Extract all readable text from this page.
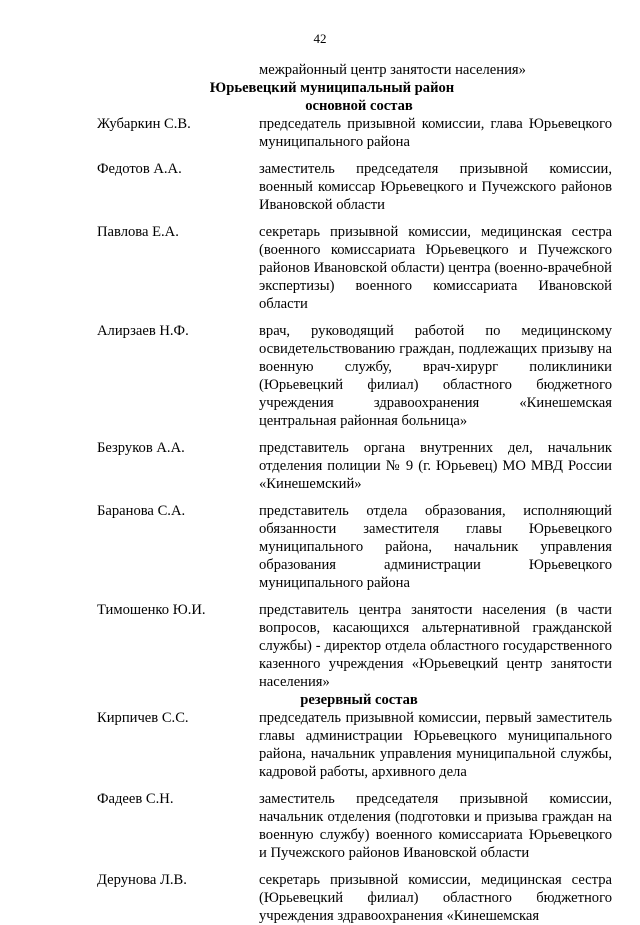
42
межрайонный центр занятости населения»
Юрьевецкий муниципальный район
основной состав
Жубаркин С.В.	председатель призывной комиссии, глава Юрьевецкого муниципального района
Федотов А.А.	заместитель председателя призывной комиссии, военный комиссар Юрьевецкого и Пучежского районов Ивановской области
Павлова Е.А.	секретарь призывной комиссии, медицинская сестра (военного комиссариата Юрьевецкого и Пучежского районов Ивановской области) центра (военно-врачебной экспертизы) военного комиссариата Ивановской области
Алирзаев Н.Ф.	врач, руководящий работой по медицинскому освидетельствованию граждан, подлежащих призыву на военную службу, врач-хирург поликлиники (Юрьевецкий филиал) областного бюджетного учреждения здравоохранения «Кинешемская центральная районная больница»
Безруков А.А.	представитель органа внутренних дел, начальник отделения полиции № 9 (г. Юрьевец) МО МВД России «Кинешемский»
Баранова С.А.	представитель отдела образования, исполняющий обязанности заместителя главы Юрьевецкого муниципального района, начальник управления образования администрации Юрьевецкого муниципального района
Тимошенко Ю.И.	представитель центра занятости населения (в части вопросов, касающихся альтернативной гражданской службы) - директор отдела областного государственного казенного учреждения «Юрьевецкий центр занятости населения»
резервный состав
Кирпичев С.С.	председатель призывной комиссии, первый заместитель главы администрации Юрьевецкого муниципального района, начальник управления муниципальной службы, кадровой работы, архивного дела
Фадеев С.Н.	заместитель председателя призывной комиссии, начальник отделения (подготовки и призыва граждан на военную службу) военного комиссариата Юрьевецкого и Пучежского районов Ивановской области
Дерунова Л.В.	секретарь призывной комиссии, медицинская сестра (Юрьевецкий филиал) областного бюджетного учреждения здравоохранения «Кинешемская
